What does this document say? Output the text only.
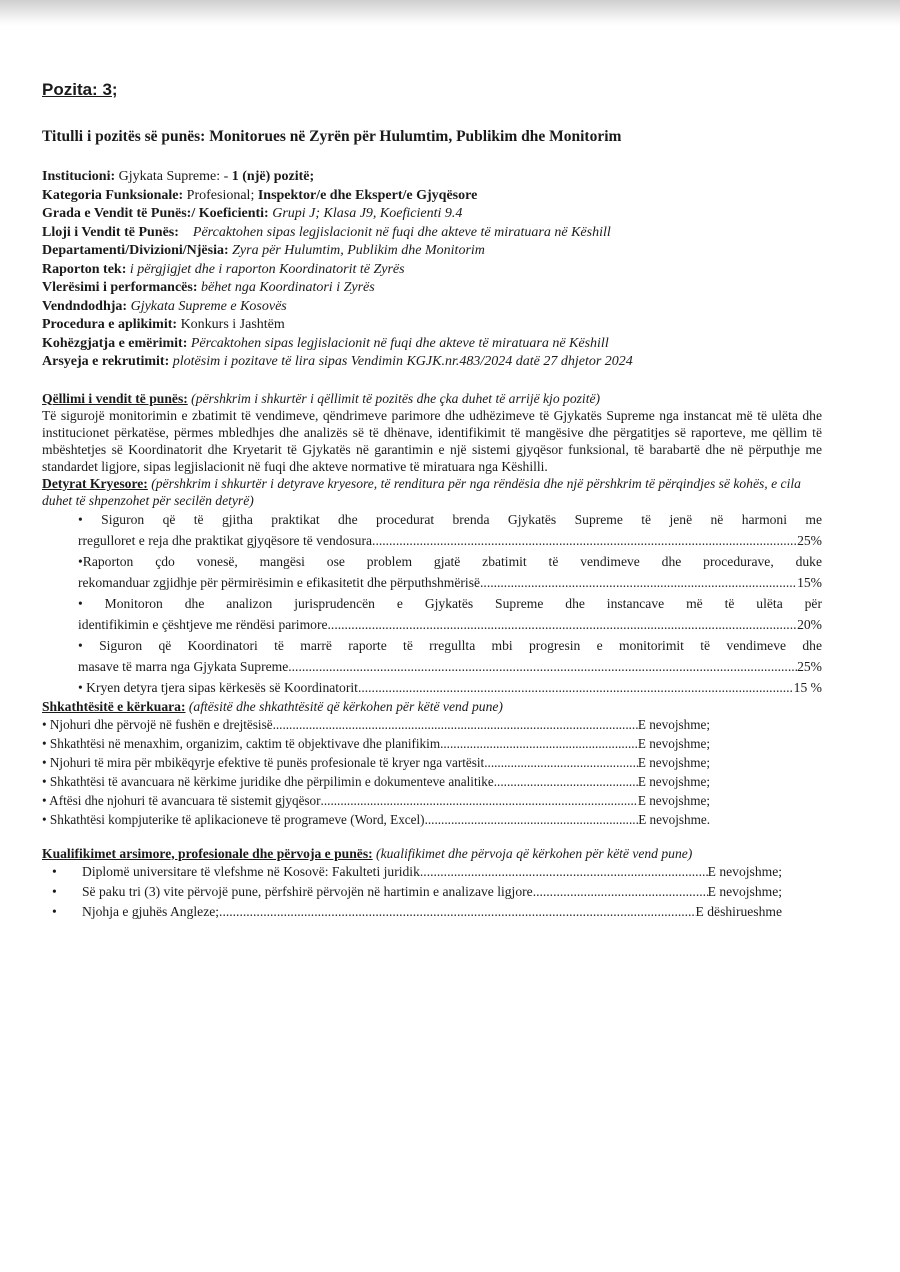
Pozita: 3;
Titulli i pozitës së punës: Monitorues në Zyrën për Hulumtim, Publikim dhe Monitorim
Institucioni: Gjykata Supreme: - 1 (një) pozitë;
Kategoria Funksionale: Profesional; Inspektor/e dhe Ekspert/e Gjyqësore
Grada e Vendit të Punës:/ Koeficienti: Grupi J; Klasa J9, Koeficienti 9.4
Lloji i Vendit të Punës: Përcaktohen sipas legjislacionit në fuqi dhe akteve të miratuara në Këshill
Departamenti/Divizioni/Njësia: Zyra për Hulumtim, Publikim dhe Monitorim
Raporton tek: i përgjigjet dhe i raporton Koordinatorit të Zyrës
Vlerësimi i performancës: bëhet nga Koordinatori i Zyrës
Vendndodhja: Gjykata Supreme e Kosovës
Procedura e aplikimit: Konkurs i Jashtëm
Kohëzgjatja e emërimit: Përcaktohen sipas legjislacionit në fuqi dhe akteve të miratuara në Këshill
Arsyeja e rekrutimit: plotësim i pozitave të lira sipas Vendimin KGJK.nr.483/2024 datë 27 dhjetor 2024
Qëllimi i vendit të punës: (përshkrim i shkurtër i qëllimit të pozitës dhe çka duhet të arrijë kjo pozitë)
Të sigurojë monitorimin e zbatimit të vendimeve, qëndrimeve parimore dhe udhëzimeve të Gjykatës Supreme nga instancat më të ulëta dhe institucionet përkatëse, përmes mbledhjes dhe analizës së të dhënave, identifikimit të mangësive dhe përgatitjes së raporteve, me qëllim të mbështetjes së Koordinatorit dhe Kryetarit të Gjykatës në garantimin e një sistemi gjyqësor funksional, të barabartë dhe në përputhje me standardet ligjore, sipas legjislacionit në fuqi dhe akteve normative të miratuara nga Këshilli.
Detyrat Kryesore: (përshkrim i shkurtër i detyrave kryesore, të renditura për nga rëndësia dhe një përshkrim të përqindjes së kohës, e cila duhet të shpenzohet për secilën detyrë)
• Siguron që të gjitha praktikat dhe procedurat brenda Gjykatës Supreme të jenë në harmoni me
rregulloret e reja dhe praktikat gjyqësore të vendosura. .....	25%
•Raporton çdo vonesë, mangësi ose problem gjatë zbatimit të vendimeve dhe procedurave, duke
rekomanduar zgjidhje për përmirësimin e efikasitetit dhe përputhshmërisë .....	15%
• Monitoron dhe analizon jurisprudencën e Gjykatës Supreme dhe instancave më të ulëta për
identifikimin e çështjeve me rëndësi parimore .....	20%
• Siguron që Koordinatori të marrë raporte të rregullta mbi progresin e monitorimit të vendimeve dhe
masave të marra nga Gjykata Supreme. .....	25%
• Kryen detyra tjera sipas kërkesës së Koordinatorit .....	15 %
Shkathtësitë e kërkuara: (aftësitë dhe shkathtësitë që kërkohen për këtë vend pune)
• Njohuri dhe përvojë në fushën e drejtësisë .....	E nevojshme;
• Shkathtësi në menaxhim, organizim, caktim të objektivave dhe planifikim .....	E nevojshme;
• Njohuri të mira për mbikëqyrje efektive të punës profesionale të kryer nga vartësit .....	E nevojshme;
• Shkathtësi të avancuara në kërkime juridike dhe përpilimin e dokumenteve analitike .....	E nevojshme;
• Aftësi dhe njohuri të avancuara të sistemit gjyqësor .....	E nevojshme;
• Shkathtësi kompjuterike të aplikacioneve të programeve (Word, Excel) .....	E nevojshme.
Kualifikimet arsimore, profesionale dhe përvoja e punës: (kualifikimet dhe përvoja që kërkohen për këtë vend pune)
•	Diplomë universitare të vlefshme në Kosovë: Fakulteti juridik .....	E nevojshme;
•	Së paku tri (3) vite përvojë pune, përfshirë përvojën në hartimin e analizave ligjore .....	E nevojshme;
•	Njohja e gjuhës Angleze; .....	E dëshirueshme
